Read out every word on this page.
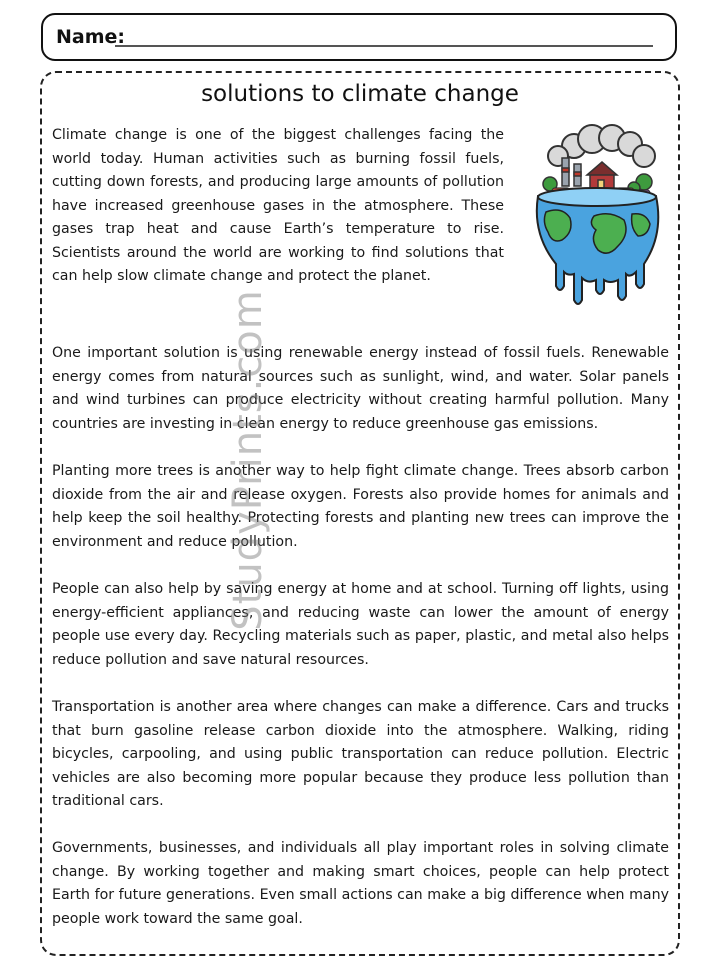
Name:
solutions to climate change

Climate change is one of the biggest challenges facing the world today. Human activities such as burning fossil fuels, cutting down forests, and producing large amounts of pollution have increased greenhouse gases in the atmosphere. These gases trap heat and cause Earth’s temperature to rise. Scientists around the world are working to find solutions that can help slow climate change and protect the planet.

One important solution is using renewable energy instead of fossil fuels. Renewable energy comes from natural sources such as sunlight, wind, and water. Solar panels and wind turbines can produce electricity without creating harmful pollution. Many countries are investing in clean energy to reduce greenhouse gas emissions.

Planting more trees is another way to help fight climate change. Trees absorb carbon dioxide from the air and release oxygen. Forests also provide homes for animals and help keep the soil healthy. Protecting forests and planting new trees can improve the environment and reduce pollution.

People can also help by saving energy at home and at school. Turning off lights, using energy-efficient appliances, and reducing waste can lower the amount of energy people use every day. Recycling materials such as paper, plastic, and metal also helps reduce pollution and save natural resources.

Transportation is another area where changes can make a difference. Cars and trucks that burn gasoline release carbon dioxide into the atmosphere. Walking, riding bicycles, carpooling, and using public transportation can reduce pollution. Electric vehicles are also becoming more popular because they produce less pollution than traditional cars.

Governments, businesses, and individuals all play important roles in solving climate change. By working together and making smart choices, people can help protect Earth for future generations. Even small actions can make a big difference when many people work toward the same goal.

StudyPrints.com
